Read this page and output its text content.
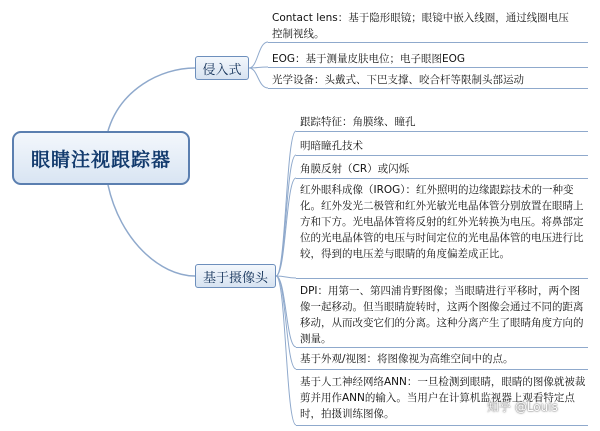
眼睛注视跟踪器
侵入式
Contact lens：基于隐形眼镜；眼镜中嵌入线圈，通过线圈电压控制视线。
EOG：基于测量皮肤电位；电子眼图EOG
光学设备：头戴式、下巴支撑、咬合杆等限制头部运动
基于摄像头
跟踪特征：角膜缘、瞳孔
明暗瞳孔技术
角膜反射（CR）或闪烁
红外眼科成像（IROG）：红外照明的边缘跟踪技术的一种变化。红外发光二极管和红外光敏光电晶体管分别放置在眼睛上方和下方。光电晶体管将反射的红外光转换为电压。将鼻部定位的光电晶体管的电压与时间定位的光电晶体管的电压进行比较，得到的电压差与眼睛的角度偏差成正比。
DPI：用第一、第四浦肯野图像；当眼睛进行平移时，两个图像一起移动。但当眼睛旋转时，这两个图像会通过不同的距离移动，从而改变它们的分离。这种分离产生了眼睛角度方向的测量。
基于外观/视图：将图像视为高维空间中的点。
基于人工神经网络ANN：一旦检测到眼睛，眼睛的图像就被裁剪并用作ANN的输入。当用户在计算机监视器上观看特定点时，拍摄训练图像。	知乎 @Louis
